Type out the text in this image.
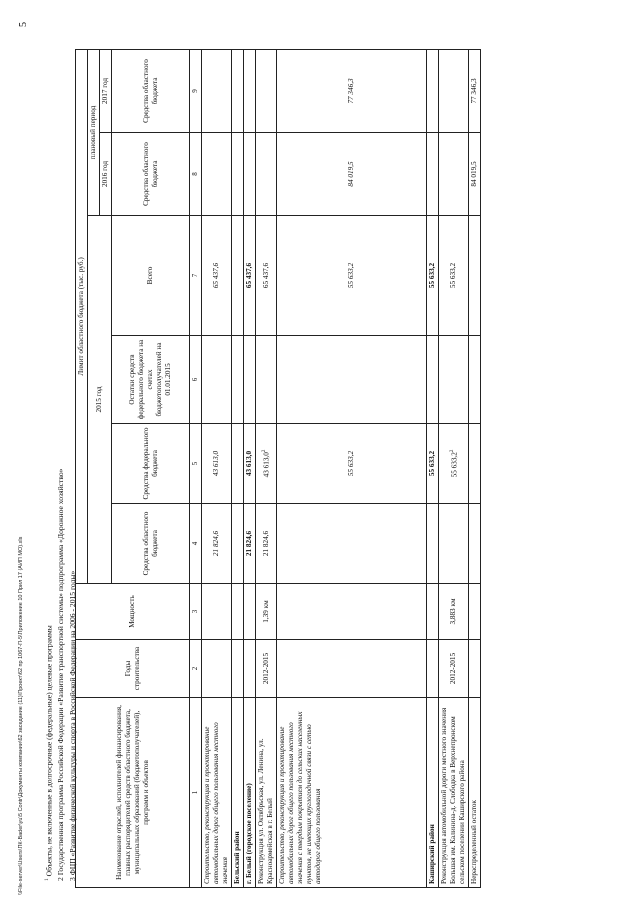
5
\\File-server\Users\ПК-Bader\yu\5 Contr\Документы компании\62 заседание (11)\Проект\62 пр 1067-П-5\Приложение 10 Прил 17 (АИП МО).xls	$^1$ Объекты, не включенные в долгосрочные (федеральные) целевые программы 2 Государственная программа Российской Федерации «Развитие транспортной системы» подпрограмма «Дорожное хозяйство» 3 ФЦП «Развитие физической культуры и спорта в Российской Федерации на 2006 - 2015 годы»	Наименование отраслей, исполнителей финансирования, главных распорядителей средств областного бюджета, муниципальных образований (бюджетополучателей), программ и объектов	Годы строительства	Мощность	Лимит областного бюджета (тыс. руб.)					
			2015 год				плановый период	
							2016 год	2017 год
			Средства областного бюджета	Средства федерального бюджета	Остатки средств федерального бюджета на счетах бюджетополучателей на 01.01.2015	Всего	Средства областного бюджета	Средства областного бюджета
1	2	3	4	5	6	7	8	9
Строительство, реконструкция и проектирование автомобильных дорог общего пользования местного значения			21 824,6	43 613,0		65 437,6		
Бельский район								
г. Белый (городское поселение)			21 824,6	43 613,0		65 437,6		
Реконструкция ул. Октябрьская, ул. Ленина, ул. Красноармейская в г. Белый	2012-2015	1,39 км	21 824,6	43 613,0$^2$		65 437,6		
Строительство, реконструкция и проектирование автомобильных дорог общего пользования местного значения с твердым покрытием до сельских населенных пунктов, не имеющих круглогодичной связи с сетью автодорог общего пользования				55 633,2		55 633,2	84 019,5	77 346,3
Каширский район				55 633,2		55 633,2		
Реконструкция автомобильной дороги местного значения Большая им. Калинина-д. Слободка в Верхнепронском сельском поселении Каширского района	2012-2015	3,883 км		55 633,2$^2$		55 633,2		
Нераспределенный остаток							84 019,5	77 346,3
